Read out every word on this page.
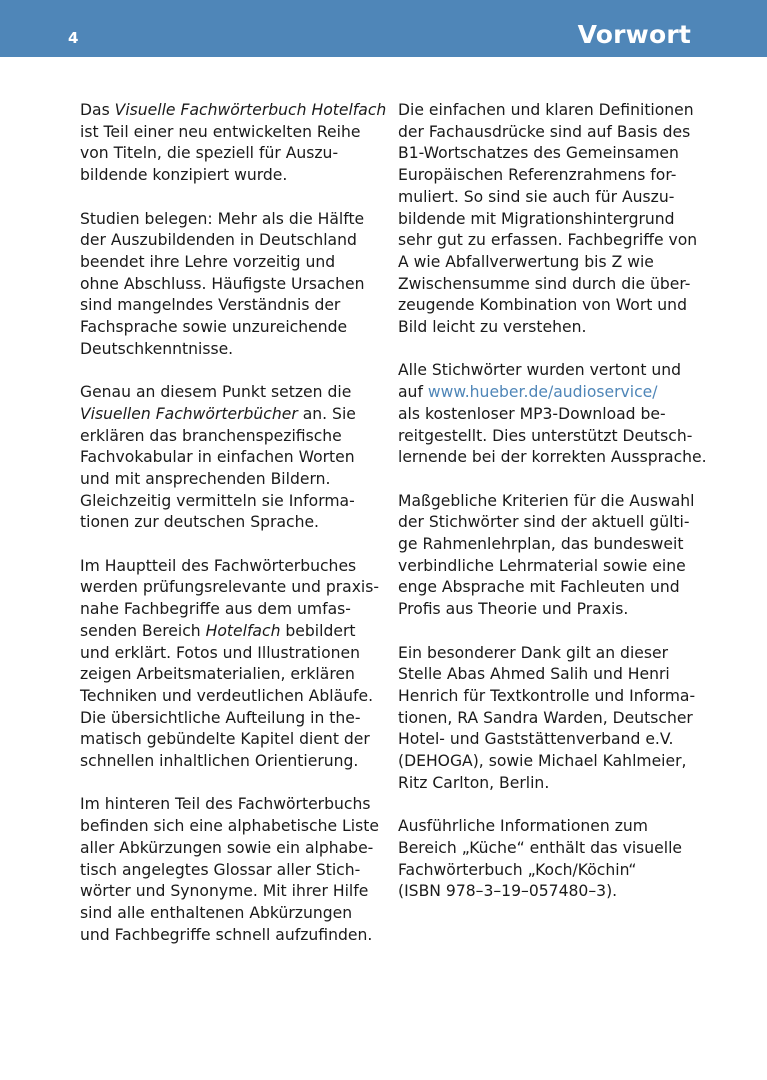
4	Vorwort
Das Visuelle Fachwörterbuch Hotelfach
ist Teil einer neu entwickelten Reihe
von Titeln, die speziell für Auszu-
bildende konzipiert wurde.
Studien belegen: Mehr als die Hälfte
der Auszubildenden in Deutschland
beendet ihre Lehre vorzeitig und
ohne Abschluss. Häufigste Ursachen
sind mangelndes Verständnis der
Fachsprache sowie unzureichende
Deutschkenntnisse.
Genau an diesem Punkt setzen die
Visuellen Fachwörterbücher an. Sie
erklären das branchenspezifische
Fachvokabular in einfachen Worten
und mit ansprechenden Bildern.
Gleichzeitig vermitteln sie Informa-
tionen zur deutschen Sprache.
Im Hauptteil des Fachwörterbuches
werden prüfungsrelevante und praxis-
nahe Fachbegriffe aus dem umfas-
senden Bereich Hotelfach bebildert
und erklärt. Fotos und Illustrationen
zeigen Arbeitsmaterialien, erklären
Techniken und verdeutlichen Abläufe.
Die übersichtliche Aufteilung in the-
matisch gebündelte Kapitel dient der
schnellen inhaltlichen Orientierung.
Im hinteren Teil des Fachwörterbuchs
befinden sich eine alphabetische Liste
aller Abkürzungen sowie ein alphabe-
tisch angelegtes Glossar aller Stich-
wörter und Synonyme. Mit ihrer Hilfe
sind alle enthaltenen Abkürzungen
und Fachbegriffe schnell aufzufinden.
Die einfachen und klaren Definitionen
der Fachausdrücke sind auf Basis des
B1-Wortschatzes des Gemeinsamen
Europäischen Referenzrahmens for-
muliert. So sind sie auch für Auszu-
bildende mit Migrationshintergrund
sehr gut zu erfassen. Fachbegriffe von
A wie Abfallverwertung bis Z wie
Zwischensumme sind durch die über-
zeugende Kombination von Wort und
Bild leicht zu verstehen.
Alle Stichwörter wurden vertont und
auf www.hueber.de/audioservice/
als kostenloser MP3-Download be-
reitgestellt. Dies unterstützt Deutsch-
lernende bei der korrekten Aussprache.
Maßgebliche Kriterien für die Auswahl
der Stichwörter sind der aktuell gülti-
ge Rahmenlehrplan, das bundesweit
verbindliche Lehrmaterial sowie eine
enge Absprache mit Fachleuten und
Profis aus Theorie und Praxis.
Ein besonderer Dank gilt an dieser
Stelle Abas Ahmed Salih und Henri
Henrich für Textkontrolle und Informa-
tionen, RA Sandra Warden, Deutscher
Hotel- und Gaststättenverband e.V.
(DEHOGA), sowie Michael Kahlmeier,
Ritz Carlton, Berlin.
Ausführliche Informationen zum
Bereich „Küche“ enthält das visuelle
Fachwörterbuch „Koch/Köchin“
(ISBN 978–3–19–057480–3).
